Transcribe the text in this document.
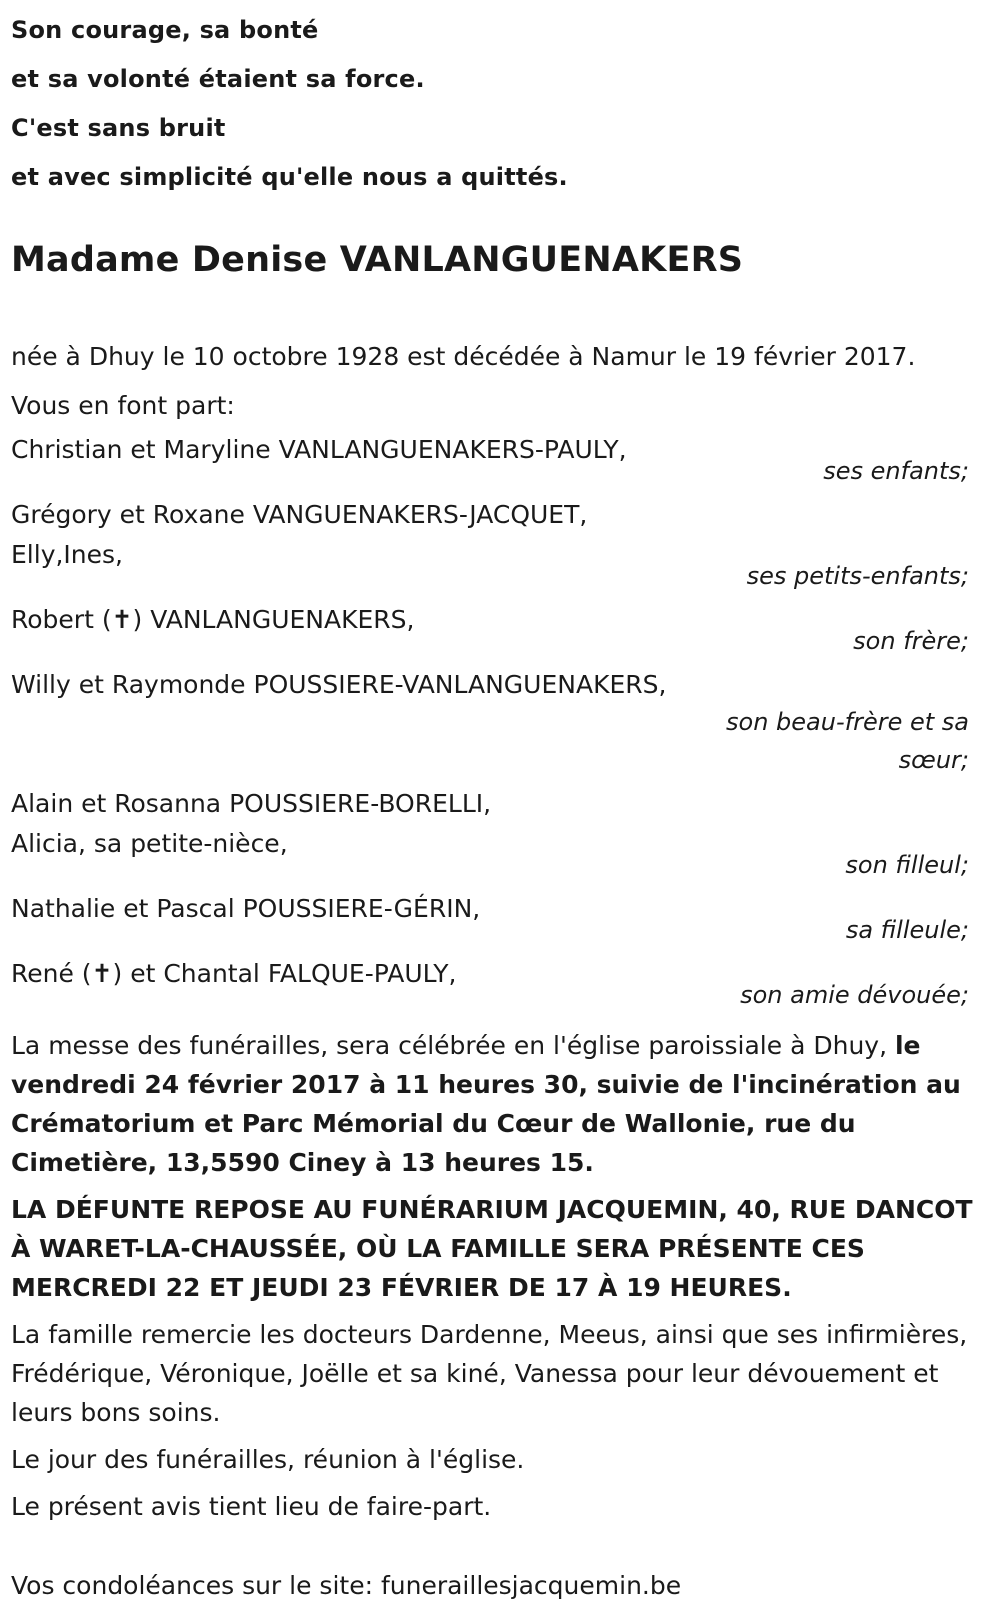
Son courage, sa bonté
et sa volonté étaient sa force.
C'est sans bruit
et avec simplicité qu'elle nous a quittés.
Madame Denise VANLANGUENAKERS
née à Dhuy le 10 octobre 1928 est décédée à Namur le 19 février 2017.
Vous en font part:
Christian et Maryline VANLANGUENAKERS-PAULY,
ses enfants;
Grégory et Roxane VANGUENAKERS-JACQUET,
Elly,Ines,
ses petits-enfants;
Robert (✝) VANLANGUENAKERS,
son frère;
Willy et Raymonde POUSSIERE-VANLANGUENAKERS,
son beau-frère et sa sœur;
Alain et Rosanna POUSSIERE-BORELLI,
Alicia, sa petite-nièce,
son filleul;
Nathalie et Pascal POUSSIERE-GÉRIN,
sa filleule;
René (✝) et Chantal FALQUE-PAULY,
son amie dévouée;
La messe des funérailles, sera célébrée en l'église paroissiale à Dhuy, le vendredi 24 février 2017 à 11 heures 30, suivie de l'incinération au Crématorium et Parc Mémorial du Cœur de Wallonie, rue du Cimetière, 13,5590 Ciney à 13 heures 15.
LA DÉFUNTE REPOSE AU FUNÉRARIUM JACQUEMIN, 40, RUE DANCOT À WARET-LA-CHAUSSÉE, OÙ LA FAMILLE SERA PRÉSENTE CES MERCREDI 22 ET JEUDI 23 FÉVRIER DE 17 À 19 HEURES.
La famille remercie les docteurs Dardenne, Meeus, ainsi que ses infirmières, Frédérique, Véronique, Joëlle et sa kiné, Vanessa pour leur dévouement et leurs bons soins.
Le jour des funérailles, réunion à l'église.
Le présent avis tient lieu de faire-part.
Vos condoléances sur le site: funeraillesjacquemin.be
